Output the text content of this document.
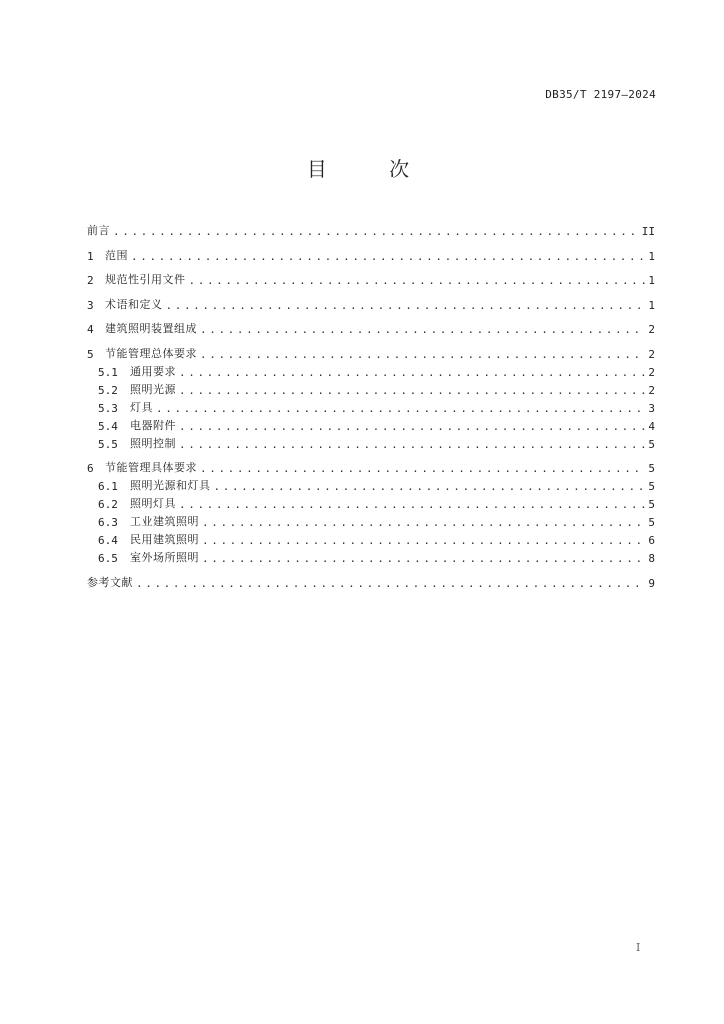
DB35/T 2197—2024
目 次
前言 .....	II
1	范围 .....	1
2	规范性引用文件 .....	1
3	术语和定义 .....	1
4	建筑照明装置组成 .....	2
5	节能管理总体要求 .....	2
5.1	通用要求 .....	2
5.2	照明光源 .....	2
5.3	灯具 .....	3
5.4	电器附件 .....	4
5.5	照明控制 .....	5
6	节能管理具体要求 .....	5
6.1	照明光源和灯具 .....	5
6.2	照明灯具 .....	5
6.3	工业建筑照明 .....	5
6.4	民用建筑照明 .....	6
6.5	室外场所照明 .....	8
参考文献 .....	9
I
